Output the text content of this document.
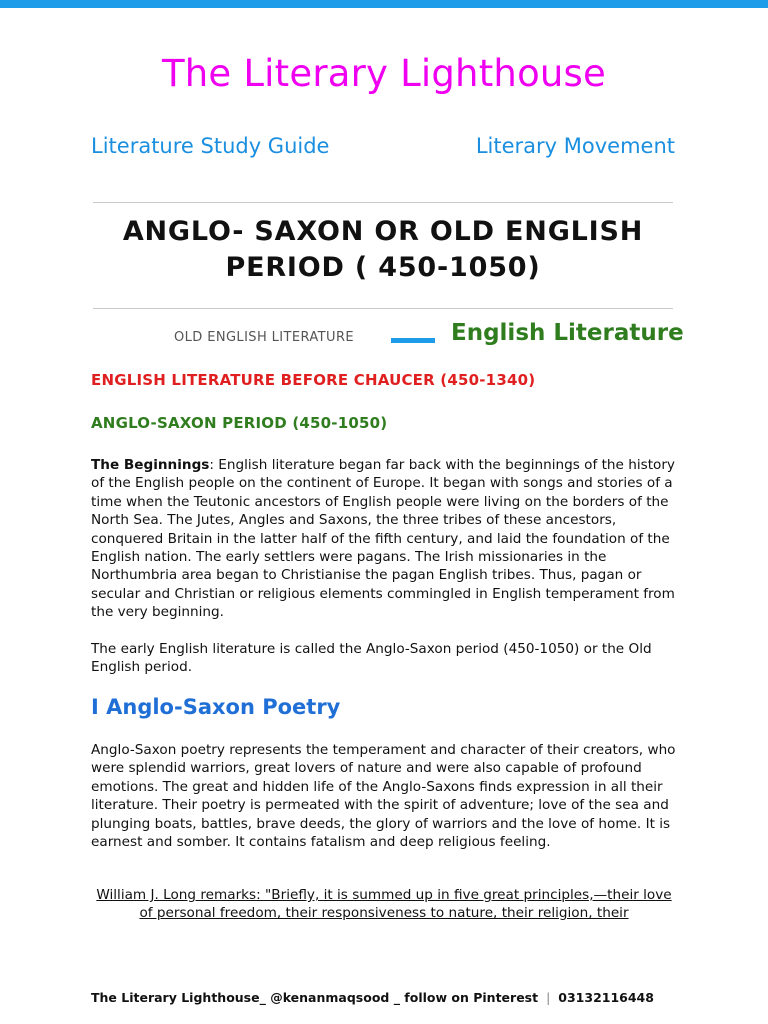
The Literary Lighthouse
Literature Study Guide	Literary Movement
ANGLO- SAXON OR OLD ENGLISH PERIOD ( 450-1050)
OLD ENGLISH LITERATURE	English Literature
ENGLISH LITERATURE BEFORE CHAUCER (450-1340)
ANGLO-SAXON PERIOD (450-1050)
The Beginnings: English literature began far back with the beginnings of the history of the English people on the continent of Europe. It began with songs and stories of a time when the Teutonic ancestors of English people were living on the borders of the North Sea. The Jutes, Angles and Saxons, the three tribes of these ancestors, conquered Britain in the latter half of the fifth century, and laid the foundation of the English nation. The early settlers were pagans. The Irish missionaries in the Northumbria area began to Christianise the pagan English tribes. Thus, pagan or secular and Christian or religious elements commingled in English temperament from the very beginning.
The early English literature is called the Anglo-Saxon period (450-1050) or the Old English period.
I Anglo-Saxon Poetry
Anglo-Saxon poetry represents the temperament and character of their creators, who were splendid warriors, great lovers of nature and were also capable of profound emotions. The great and hidden life of the Anglo-Saxons finds expression in all their literature. Their poetry is permeated with the spirit of adventure; love of the sea and plunging boats, battles, brave deeds, the glory of warriors and the love of home. It is earnest and somber. It contains fatalism and deep religious feeling.
William J. Long remarks: "Briefly, it is summed up in five great principles,—their love of personal freedom, their responsiveness to nature, their religion, their
The Literary Lighthouse_ @kenanmaqsood _ follow on Pinterest | 03132116448
